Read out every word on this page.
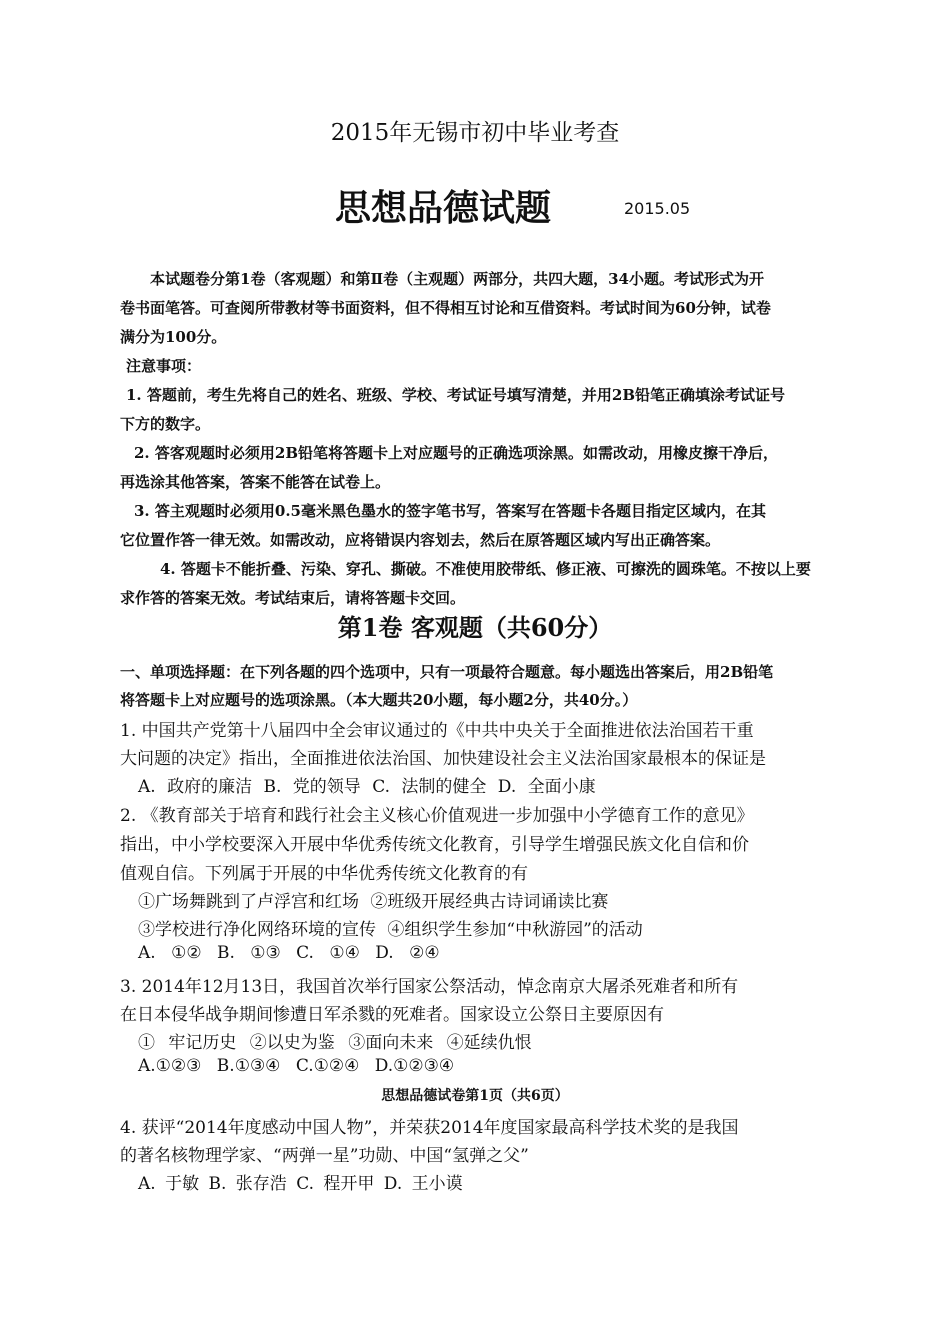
2015年无锡市初中毕业考查
思想品德试题	2015.05
本试题卷分第1卷（客观题）和第Ⅱ卷（主观题）两部分，共四大题，34小题。考试形式为开
卷书面笔答。可查阅所带教材等书面资料，但不得相互讨论和互借资料。考试时间为60分钟，试卷
满分为100分。
注意事项：
1. 答题前，考生先将自己的姓名、班级、学校、考试证号填写清楚，并用2B铅笔正确填涂考试证号
下方的数字。
2. 答客观题时必须用2B铅笔将答题卡上对应题号的正确选项涂黑。如需改动，用橡皮擦干净后，
再选涂其他答案，答案不能答在试卷上。
3. 答主观题时必须用0.5毫米黑色墨水的签字笔书写，答案写在答题卡各题目指定区域内，在其
它位置作答一律无效。如需改动，应将错误内容划去，然后在原答题区域内写出正确答案。
4. 答题卡不能折叠、污染、穿孔、撕破。不准使用胶带纸、修正液、可擦洗的圆珠笔。不按以上要
求作答的答案无效。考试结束后，请将答题卡交回。
第1卷 客观题（共60分）
一、单项选择题：在下列各题的四个选项中，只有一项最符合题意。每小题选出答案后，用2B铅笔
将答题卡上对应题号的选项涂黑。（本大题共20小题，每小题2分，共40分。）
1. 中国共产党第十八届四中全会审议通过的《中共中央关于全面推进依法治国若干重
大问题的决定》指出，全面推进依法治国、加快建设社会主义法治国家最根本的保证是
A. 政府的廉洁 B. 党的领导 C. 法制的健全 D. 全面小康
2. 《教育部关于培育和践行社会主义核心价值观进一步加强中小学德育工作的意见》
指出，中小学校要深入开展中华优秀传统文化教育，引导学生增强民族文化自信和价
值观自信。下列属于开展的中华优秀传统文化教育的有
①广场舞跳到了卢浮宫和红场 ②班级开展经典古诗词诵读比赛
③学校进行净化网络环境的宣传 ④组织学生参加“中秋游园”的活动
A. ①② B. ①③ C. ①④ D. ②④
3. 2014年12月13日，我国首次举行国家公祭活动，悼念南京大屠杀死难者和所有
在日本侵华战争期间惨遭日军杀戮的死难者。国家设立公祭日主要原因有
① 牢记历史 ②以史为鉴 ③面向未来 ④延续仇恨
A.①②③ B.①③④ C.①②④ D.①②③④
思想品德试卷第1页（共6页）
4. 获评“2014年度感动中国人物”，并荣获2014年度国家最高科学技术奖的是我国
的著名核物理学家、“两弹一星”功勋、中国“氢弹之父”
A. 于敏 B. 张存浩 C. 程开甲 D. 王小谟
